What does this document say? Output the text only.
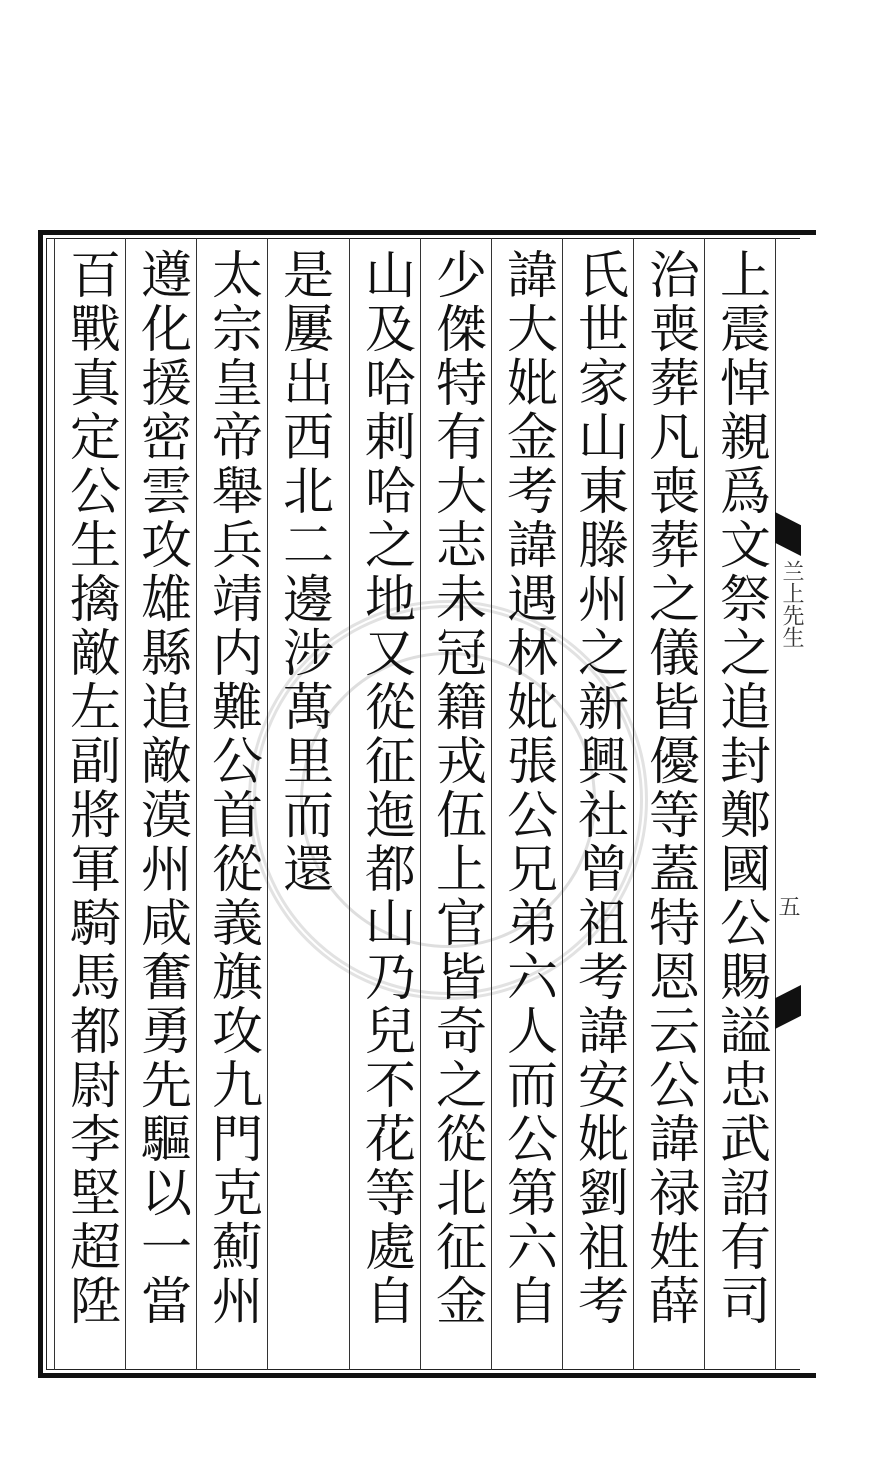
上震悼親爲文祭之追封鄭國公賜謚忠武詔有司
治喪葬凡喪葬之儀皆優等蓋特恩云公諱禄姓薛
氏世家山東滕州之新興社曾祖考諱安妣劉祖考
諱大妣金考諱遇林妣張公兄弟六人而公第六自
少傑特有大志未冠籍戎伍上官皆奇之從北征金
山及哈剌哈之地又從征迤都山乃兒不花等處自
是屢出西北二邊涉萬里而還
太宗皇帝舉兵靖内難公首從義旗攻九門克薊州
遵化援密雲攻雄縣追敵漠州咸奮勇先驅以一當
百戰真定公生擒敵左副將軍騎馬都尉李堅超陞	兰上先生
五
